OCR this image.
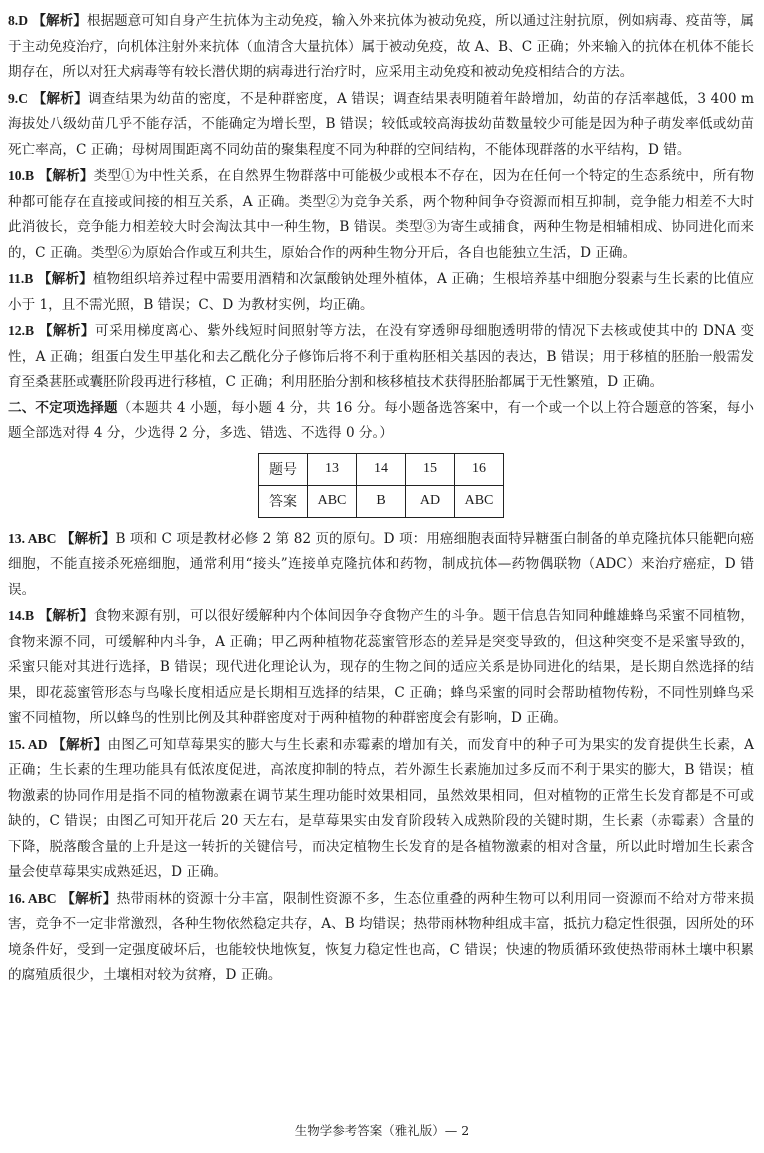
8.D 【解析】根据题意可知自身产生抗体为主动免疫，输入外来抗体为被动免疫，所以通过注射抗原，例如病毒、疫苗等，属于主动免疫治疗，向机体注射外来抗体（血清含大量抗体）属于被动免疫，故 A、B、C 正确；外来输入的抗体在机体不能长期存在，所以对狂犬病毒等有较长潜伏期的病毒进行治疗时，应采用主动免疫和被动免疫相结合的方法。

9.C 【解析】调查结果为幼苗的密度，不是种群密度，A 错误；调查结果表明随着年龄增加，幼苗的存活率越低，3 400 m 海拔处八级幼苗几乎不能存活，不能确定为增长型，B 错误；较低或较高海拔幼苗数量较少可能是因为种子萌发率低或幼苗死亡率高，C 正确；母树周围距离不同幼苗的聚集程度不同为种群的空间结构，不能体现群落的水平结构，D 错。

10.B 【解析】类型①为中性关系，在自然界生物群落中可能极少或根本不存在，因为在任何一个特定的生态系统中，所有物种都可能存在直接或间接的相互关系，A 正确。类型②为竞争关系，两个物种间争夺资源而相互抑制，竞争能力相差不大时此消彼长，竞争能力相差较大时会淘汰其中一种生物，B 错误。类型③为寄生或捕食，两种生物是相辅相成、协同进化而来的，C 正确。类型⑥为原始合作或互利共生，原始合作的两种生物分开后，各自也能独立生活，D 正确。

11.B 【解析】植物组织培养过程中需要用酒精和次氯酸钠处理外植体，A 正确；生根培养基中细胞分裂素与生长素的比值应小于 1，且不需光照，B 错误；C、D 为教材实例，均正确。

12.B 【解析】可采用梯度离心、紫外线短时间照射等方法，在没有穿透卵母细胞透明带的情况下去核或使其中的 DNA 变性，A 正确；组蛋白发生甲基化和去乙酰化分子修饰后将不利于重构胚相关基因的表达，B 错误；用于移植的胚胎一般需发育至桑葚胚或囊胚阶段再进行移植，C 正确；利用胚胎分割和核移植技术获得胚胎都属于无性繁殖，D 正确。

二、不定项选择题（本题共 4 小题，每小题 4 分，共 16 分。每小题备选答案中，有一个或一个以上符合题意的答案，每小题全部选对得 4 分，少选得 2 分，多选、错选、不选得 0 分。）

题号	13	14	15	16
答案	ABC	B	AD	ABC

13. ABC 【解析】B 项和 C 项是教材必修 2 第 82 页的原句。D 项：用癌细胞表面特异糖蛋白制备的单克隆抗体只能靶向癌细胞，不能直接杀死癌细胞，通常利用“接头”连接单克隆抗体和药物，制成抗体—药物偶联物（ADC）来治疗癌症，D 错误。

14.B 【解析】食物来源有别，可以很好缓解种内个体间因争夺食物产生的斗争。题干信息告知同种雌雄蜂鸟采蜜不同植物，食物来源不同，可缓解种内斗争，A 正确；甲乙两种植物花蕊蜜管形态的差异是突变导致的，但这种突变不是采蜜导致的，采蜜只能对其进行选择，B 错误；现代进化理论认为，现存的生物之间的适应关系是协同进化的结果，是长期自然选择的结果，即花蕊蜜管形态与鸟喙长度相适应是长期相互选择的结果，C 正确；蜂鸟采蜜的同时会帮助植物传粉，不同性别蜂鸟采蜜不同植物，所以蜂鸟的性别比例及其种群密度对于两种植物的种群密度会有影响，D 正确。

15. AD 【解析】由图乙可知草莓果实的膨大与生长素和赤霉素的增加有关，而发育中的种子可为果实的发育提供生长素，A 正确；生长素的生理功能具有低浓度促进，高浓度抑制的特点，若外源生长素施加过多反而不利于果实的膨大，B 错误；植物激素的协同作用是指不同的植物激素在调节某生理功能时效果相同，虽然效果相同，但对植物的正常生长发育都是不可或缺的，C 错误；由图乙可知开花后 20 天左右，是草莓果实由发育阶段转入成熟阶段的关键时期，生长素（赤霉素）含量的下降，脱落酸含量的上升是这一转折的关键信号，而决定植物生长发育的是各植物激素的相对含量，所以此时增加生长素含量会使草莓果实成熟延迟，D 正确。

16. ABC 【解析】热带雨林的资源十分丰富，限制性资源不多，生态位重叠的两种生物可以利用同一资源而不给对方带来损害，竞争不一定非常激烈，各种生物依然稳定共存，A、B 均错误；热带雨林物种组成丰富，抵抗力稳定性很强，因所处的环境条件好，受到一定强度破坏后，也能较快地恢复，恢复力稳定性也高，C 错误；快速的物质循环致使热带雨林土壤中积累的腐殖质很少，土壤相对较为贫瘠，D 正确。

生物学参考答案（雅礼版）— 2
